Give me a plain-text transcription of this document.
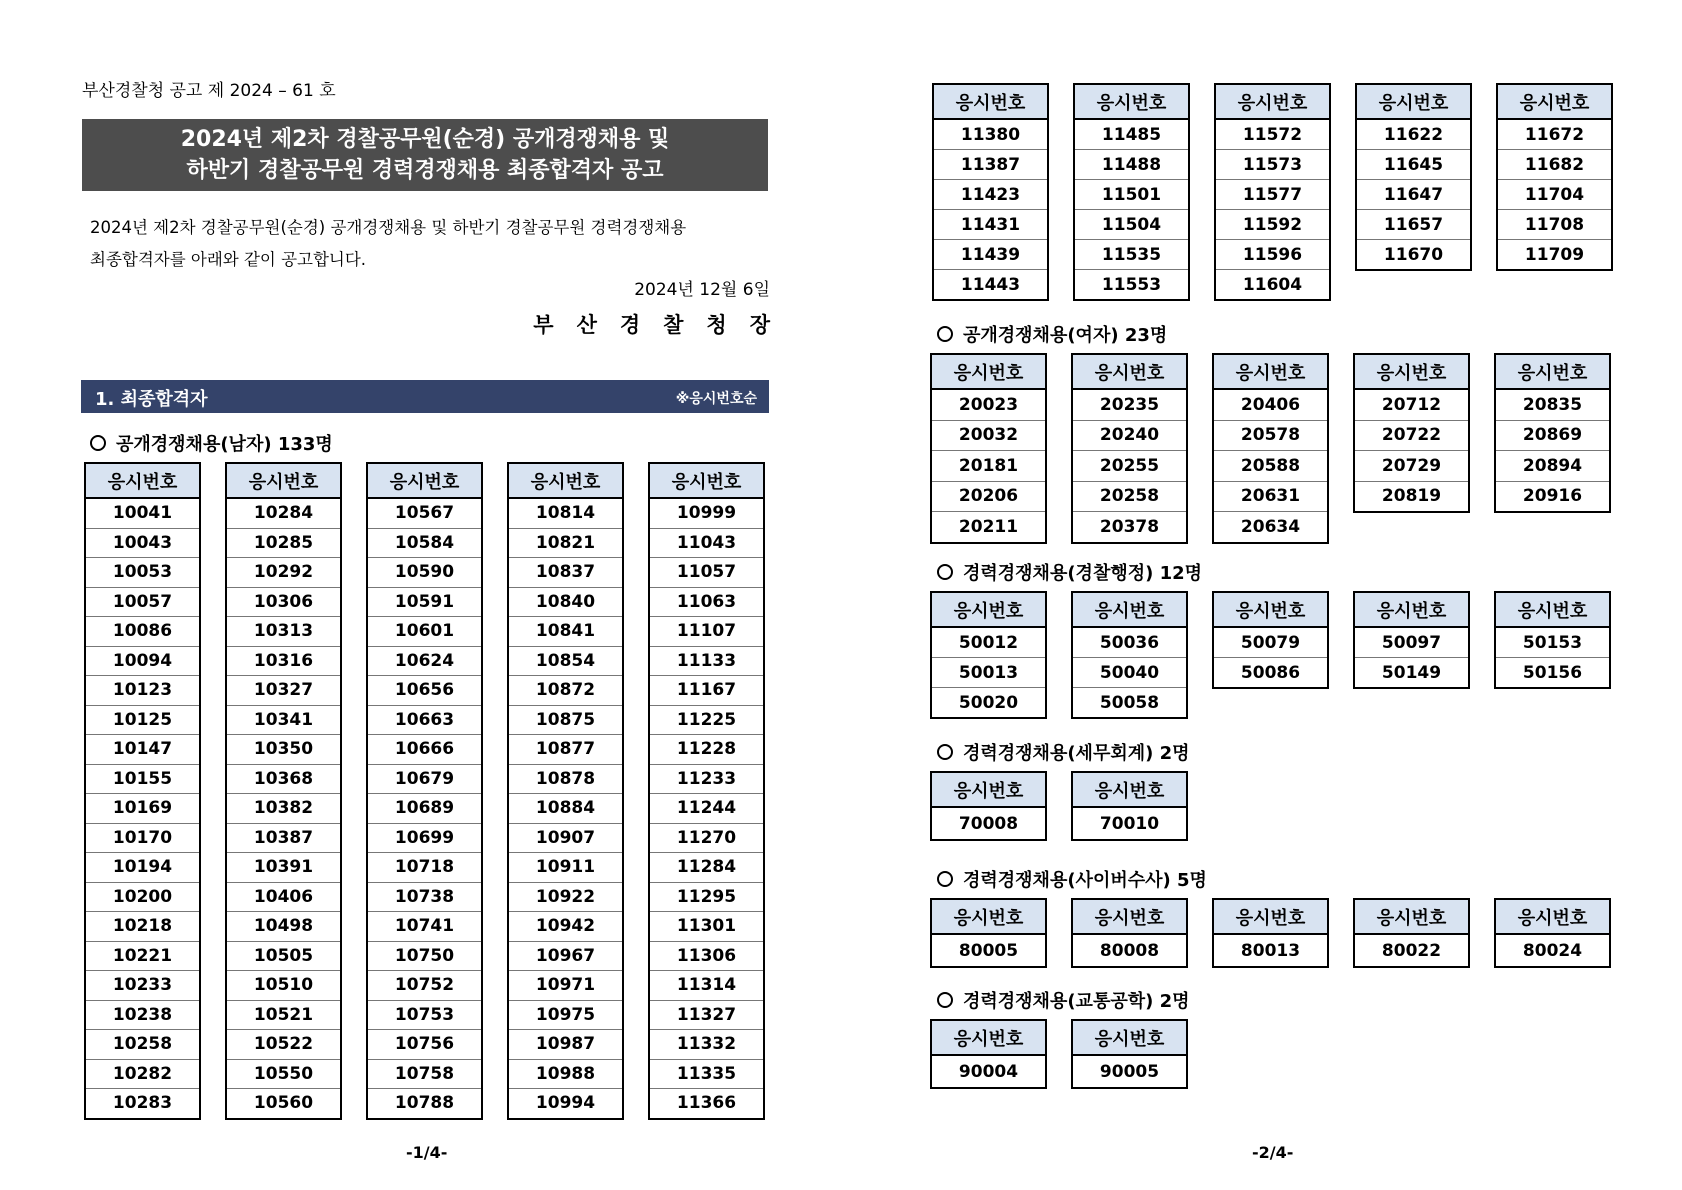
부산경찰청 공고 제 2024 – 61 호
2024년 제2차 경찰공무원(순경) 공개경쟁채용 및
하반기 경찰공무원 경력경쟁채용 최종합격자 공고
2024년 제2차 경찰공무원(순경) 공개경쟁채용 및 하반기 경찰공무원 경력경쟁채용
최종합격자를 아래와 같이 공고합니다.
2024년 12월 6일
부산경찰청장
1. 최종합격자	※응시번호순
-1/4-
공개경쟁채용(남자) 133명
응시번호
10041
10043
10053
10057
10086
10094
10123
10125
10147
10155
10169
10170
10194
10200
10218
10221
10233
10238
10258
10282
10283
응시번호
10284
10285
10292
10306
10313
10316
10327
10341
10350
10368
10382
10387
10391
10406
10498
10505
10510
10521
10522
10550
10560
응시번호
10567
10584
10590
10591
10601
10624
10656
10663
10666
10679
10689
10699
10718
10738
10741
10750
10752
10753
10756
10758
10788
응시번호
10814
10821
10837
10840
10841
10854
10872
10875
10877
10878
10884
10907
10911
10922
10942
10967
10971
10975
10987
10988
10994
응시번호
10999
11043
11057
11063
11107
11133
11167
11225
11228
11233
11244
11270
11284
11295
11301
11306
11314
11327
11332
11335
11366
-2/4-
응시번호
11380
11387
11423
11431
11439
11443
응시번호
11485
11488
11501
11504
11535
11553
응시번호
11572
11573
11577
11592
11596
11604
응시번호
11622
11645
11647
11657
11670
응시번호
11672
11682
11704
11708
11709
공개경쟁채용(여자) 23명
응시번호
20023
20032
20181
20206
20211
응시번호
20235
20240
20255
20258
20378
응시번호
20406
20578
20588
20631
20634
응시번호
20712
20722
20729
20819
응시번호
20835
20869
20894
20916
경력경쟁채용(경찰행정) 12명
응시번호
50012
50013
50020
응시번호
50036
50040
50058
응시번호
50079
50086
응시번호
50097
50149
응시번호
50153
50156
경력경쟁채용(세무회계) 2명
응시번호
70008
응시번호
70010
경력경쟁채용(사이버수사) 5명
응시번호
80005
응시번호
80008
응시번호
80013
응시번호
80022
응시번호
80024
경력경쟁채용(교통공학) 2명
응시번호
90004
응시번호
90005
